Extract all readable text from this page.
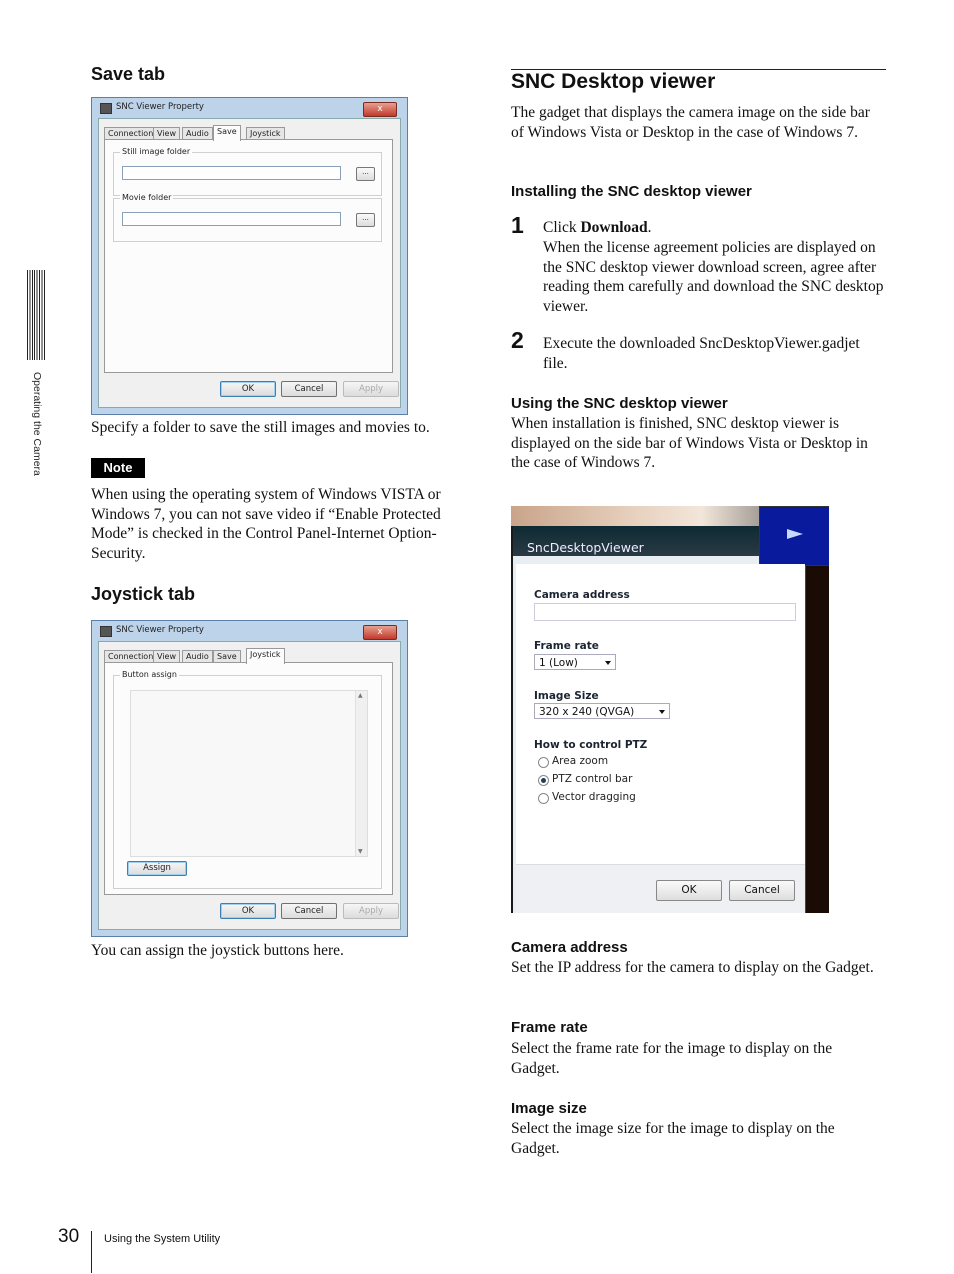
Operating the Camera
Save tab
SNC Viewer Property	x
Connection View	Audio	Save	Joystick
Still image folder
...
Movie folder
...
OK	Cancel	Apply
Specify a folder to save the still images and movies to.
Note
When using the operating system of Windows VISTA or Windows 7, you can not save video if “Enable Protected Mode” is checked in the Control Panel-Internet Option-Security.
Joystick tab
SNC Viewer Property	x
Connection View	Audio	Save	Joystick
Button assign
▲
▼
Assign
OK	Cancel	Apply
You can assign the joystick buttons here.
SNC Desktop viewer
The gadget that displays the camera image on the side bar of Windows Vista or Desktop in the case of Windows 7.
Installing the SNC desktop viewer
1 Click Download.
When the license agreement policies are displayed on the SNC desktop viewer download screen, agree after reading them carefully and download the SNC desktop viewer.
2 Execute the downloaded SncDesktopViewer.gadjet file.
Using the SNC desktop viewer
When installation is finished, SNC desktop viewer is displayed on the side bar of Windows Vista or Desktop in the case of Windows 7.
SncDesktopViewer
Camera address
Frame rate
1 (Low)
Image Size
320 x 240 (QVGA)
How to control PTZ
Area zoom
PTZ control bar
Vector dragging
OK	Cancel
Camera address
Set the IP address for the camera to display on the Gadget.
Frame rate
Select the frame rate for the image to display on the Gadget.
Image size
Select the image size for the image to display on the Gadget.
30 Using the System Utility
